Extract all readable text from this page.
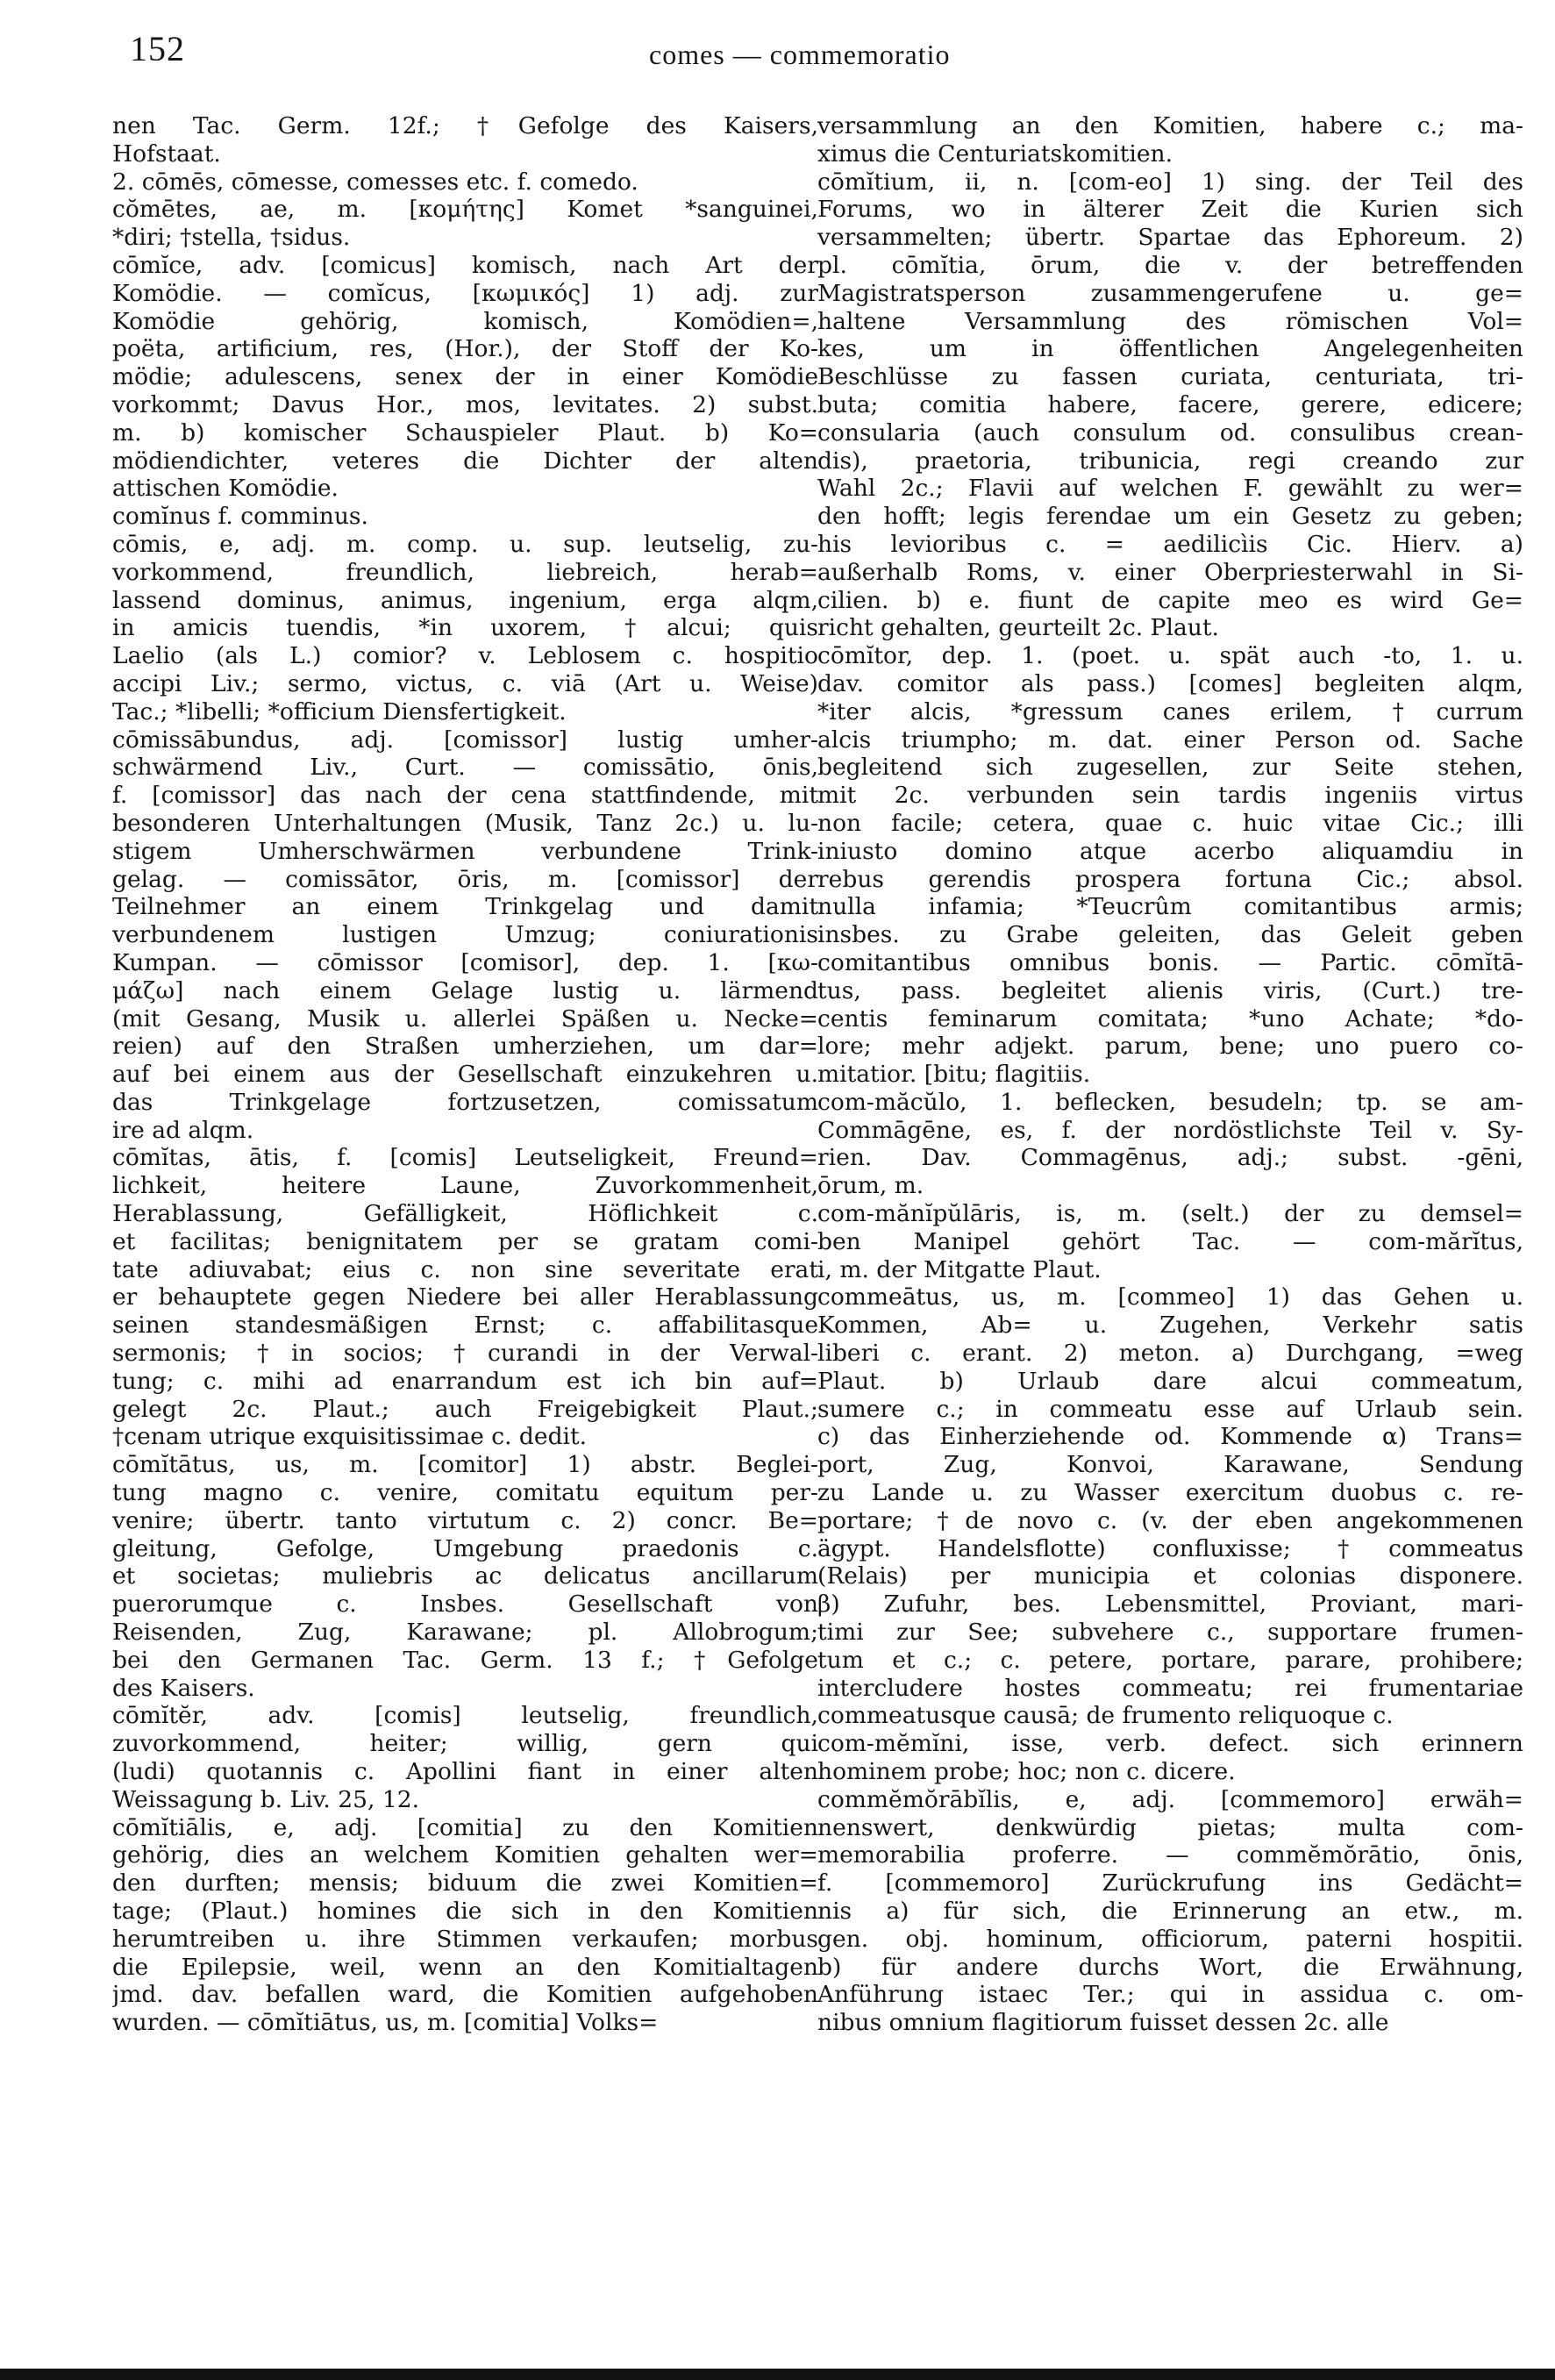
152	comes — commemoratio
nen Tac. Germ. 12f.; †Gefolge des Kaisers,
Hofstaat.
2. cōmēs, cōmesse, comesses etc. f. comedo.
cŏmētes, ae, m. [κομήτης] Komet *sanguinei,
*diri; †stella, †sidus.
cōmĭce, adv. [comicus] komisch, nach Art der
Komödie. — comĭcus, [κωμικός] 1) adj. zur
Komödie gehörig, komisch, Komödien=,
poëta, artificium, res, (Hor.), der Stoff der Ko-
mödie; adulescens, senex der in einer Komödie
vorkommt; Davus Hor., mos, levitates. 2) subst.
m. b) komischer Schauspieler Plaut. b) Ko=
mödiendichter, veteres die Dichter der alten
attischen Komödie.
comĭnus f. comminus.
cōmis, e, adj. m. comp. u. sup. leutselig, zu-
vorkommend, freundlich, liebreich, herab=
lassend dominus, animus, ingenium, erga alqm,
in amicis tuendis, *in uxorem, †alcui; quis
Laelio (als L.) comior? v. Leblosem c. hospitio
accipi Liv.; sermo, victus, c. viā (Art u. Weise)
Tac.; *libelli; *officium Diensfertigkeit.
cōmissābundus, adj. [comissor] lustig umher-
schwärmend Liv., Curt. — comissātio, ōnis,
f. [comissor] das nach der cena stattfindende, mit
besonderen Unterhaltungen (Musik, Tanz 2c.) u. lu-
stigem Umherschwärmen verbundene Trink-
gelag. — comissātor, ōris, m. [comissor] der
Teilnehmer an einem Trinkgelag und damit
verbundenem lustigen Umzug; coniurationis
Kumpan. — cōmissor [comisor], dep. 1. [κω-
μάζω] nach einem Gelage lustig u. lärmend
(mit Gesang, Musik u. allerlei Späßen u. Necke=
reien) auf den Straßen umherziehen, um dar=
auf bei einem aus der Gesellschaft einzukehren u.
das Trinkgelage fortzusetzen, comissatum
ire ad alqm.
cōmĭtas, ātis, f. [comis] Leutseligkeit, Freund=
lichkeit, heitere Laune, Zuvorkommenheit,
Herablassung, Gefälligkeit, Höflichkeit c.
et facilitas; benignitatem per se gratam comi-
tate adiuvabat; eius c. non sine severitate erat
er behauptete gegen Niedere bei aller Herablassung
seinen standesmäßigen Ernst; c. affabilitasque
sermonis; †in socios; †curandi in der Verwal-
tung; c. mihi ad enarrandum est ich bin auf=
gelegt 2c. Plaut.; auch Freigebigkeit Plaut.;
†cenam utrique exquisitissimae c. dedit.
cōmĭtātus, us, m. [comitor] 1) abstr. Beglei-
tung magno c. venire, comitatu equitum per-
venire; übertr. tanto virtutum c. 2) concr. Be=
gleitung, Gefolge, Umgebung praedonis c.
et societas; muliebris ac delicatus ancillarum
puerorumque c. Insbes. Gesellschaft von
Reisenden, Zug, Karawane; pl. Allobrogum;
bei den Germanen Tac. Germ. 13 f.; †Gefolge
des Kaisers.
cōmĭtĕr, adv. [comis] leutselig, freundlich,
zuvorkommend, heiter; willig, gern qui
(ludi) quotannis c. Apollini fiant in einer alten
Weissagung b. Liv. 25, 12.
cōmĭtiālis, e, adj. [comitia] zu den Komitien
gehörig, dies an welchem Komitien gehalten wer=
den durften; mensis; biduum die zwei Komitien=
tage; (Plaut.) homines die sich in den Komitien
herumtreiben u. ihre Stimmen verkaufen; morbus
die Epilepsie, weil, wenn an den Komitialtagen
jmd. dav. befallen ward, die Komitien aufgehoben
wurden. — cōmĭtiātus, us, m. [comitia] Volks=
versammlung an den Komitien, habere c.; ma-
ximus die Centuriatskomitien.
cōmĭtium, ii, n. [com-eo] 1) sing. der Teil des
Forums, wo in älterer Zeit die Kurien sich
versammelten; übertr. Spartae das Ephoreum. 2)
pl. cōmĭtia, ōrum, die v. der betreffenden
Magistratsperson zusammengerufene u. ge=
haltene Versammlung des römischen Vol=
kes, um in öffentlichen Angelegenheiten
Beschlüsse zu fassen curiata, centuriata, tri-
buta; comitia habere, facere, gerere, edicere;
consularia (auch consulum od. consulibus crean-
dis), praetoria, tribunicia, regi creando zur
Wahl 2c.; Flavii auf welchen F. gewählt zu wer=
den hofft; legis ferendae um ein Gesetz zu geben;
his levioribus c. = aedilicìis Cic. Hierv. a)
außerhalb Roms, v. einer Oberpriesterwahl in Si-
cilien. b) e. fiunt de capite meo es wird Ge=
richt gehalten, geurteilt 2c. Plaut.
cōmĭtor, dep. 1. (poet. u. spät auch -to, 1. u.
dav. comitor als pass.) [comes] begleiten alqm,
*iter alcis, *gressum canes erilem, †currum
alcis triumpho; m. dat. einer Person od. Sache
begleitend sich zugesellen, zur Seite stehen,
mit 2c. verbunden sein tardis ingeniis virtus
non facile; cetera, quae c. huic vitae Cic.; illi
iniusto domino atque acerbo aliquamdiu in
rebus gerendis prospera fortuna Cic.; absol.
nulla infamia; *Teucrûm comitantibus armis;
insbes. zu Grabe geleiten, das Geleit geben
comitantibus omnibus bonis. — Partic. cōmĭtā-
tus, pass. begleitet alienis viris, (Curt.) tre-
centis feminarum comitata; *uno Achate; *do-
lore; mehr adjekt. parum, bene; uno puero co-
mitatior. [bitu; flagitiis.
com-măcŭlo, 1. beflecken, besudeln; tp. se am-
Commāgēne, es, f. der nordöstlichste Teil v. Sy-
rien. Dav. Commagēnus, adj.; subst. -gēni,
ōrum, m.
com-mănĭpŭlāris, is, m. (selt.) der zu demsel=
ben Manipel gehört Tac. — com-mărĭtus,
i, m. der Mitgatte Plaut.
commeātus, us, m. [commeo] 1) das Gehen u.
Kommen, Ab= u. Zugehen, Verkehr satis
liberi c. erant. 2) meton. a) Durchgang, =weg
Plaut. b) Urlaub dare alcui commeatum,
sumere c.; in commeatu esse auf Urlaub sein.
c) das Einherziehende od. Kommende α) Trans=
port, Zug, Konvoi, Karawane, Sendung
zu Lande u. zu Wasser exercitum duobus c. re-
portare; †de novo c. (v. der eben angekommenen
ägypt. Handelsflotte) confluxisse; †commeatus
(Relais) per municipia et colonias disponere.
β) Zufuhr, bes. Lebensmittel, Proviant, mari-
timi zur See; subvehere c., supportare frumen-
tum et c.; c. petere, portare, parare, prohibere;
intercludere hostes commeatu; rei frumentariae
commeatusque causā; de frumento reliquoque c.
com-mĕmĭni, isse, verb. defect. sich erinnern
hominem probe; hoc; non c. dicere.
commĕmŏrābĭlis, e, adj. [commemoro] erwäh=
nenswert, denkwürdig pietas; multa com-
memorabilia proferre. — commĕmŏrātio, ōnis,
f. [commemoro] Zurückrufung ins Gedächt=
nis a) für sich, die Erinnerung an etw., m.
gen. obj. hominum, officiorum, paterni hospitii.
b) für andere durchs Wort, die Erwähnung,
Anführung istaec Ter.; qui in assidua c. om-
nibus omnium flagitiorum fuisset dessen 2c. alle
